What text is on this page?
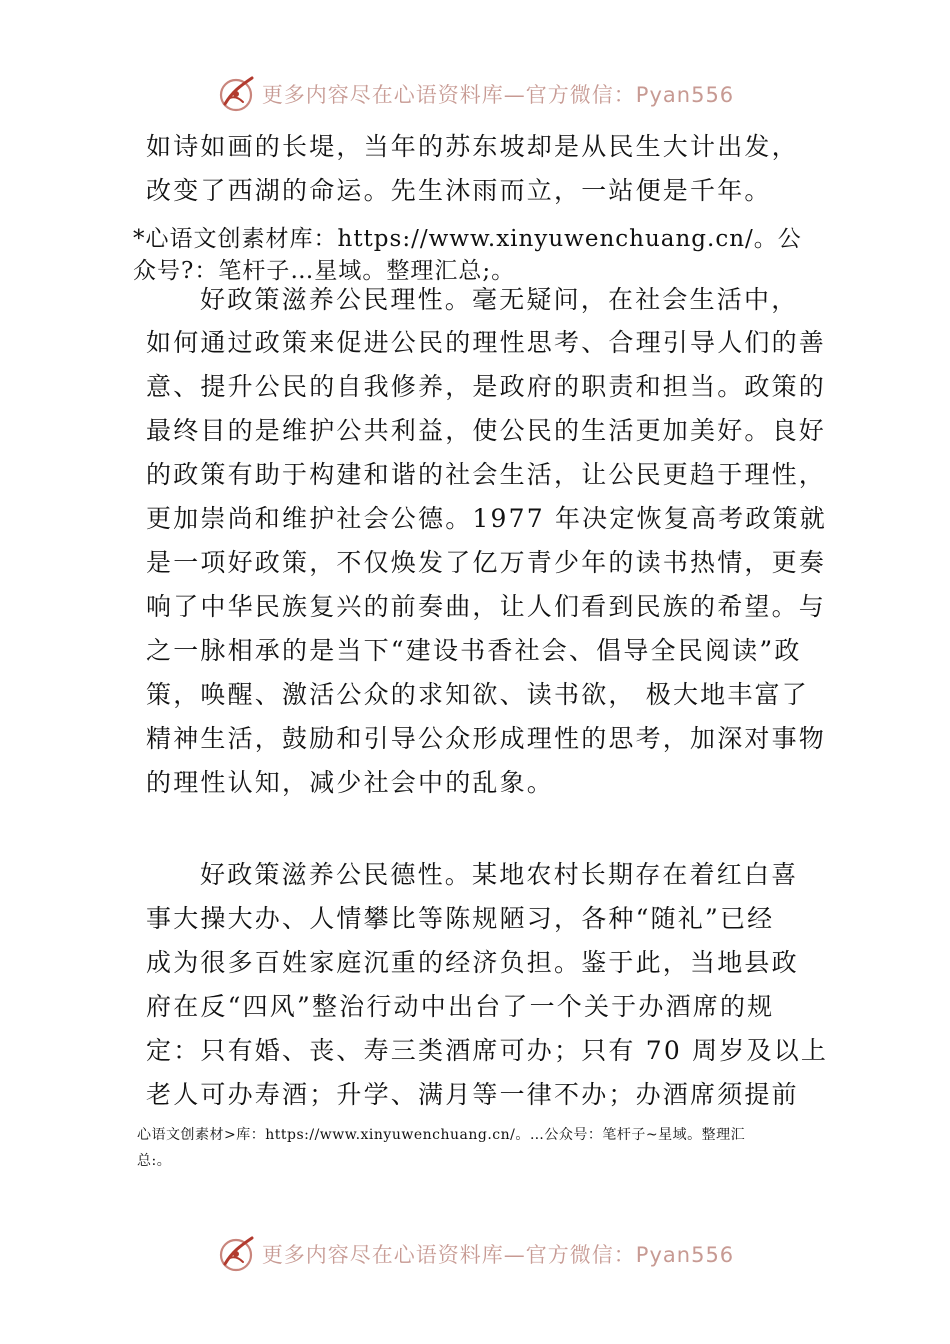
更多内容尽在心语资料库—官方微信：Pyan556
如诗如画的长堤，当年的苏东坡却是从民生大计出发，
改变了西湖的命运。先生沐雨而立，一站便是千年。
*心语文创素材库：https://www.xinyuwenchuang.cn/。公
众号?：笔杆子…星域。整理汇总;。
好政策滋养公民理性。毫无疑问，在社会生活中，
如何通过政策来促进公民的理性思考、合理引导人们的善
意、提升公民的自我修养，是政府的职责和担当。政策的
最终目的是维护公共利益，使公民的生活更加美好。良好
的政策有助于构建和谐的社会生活，让公民更趋于理性，
更加崇尚和维护社会公德。1977 年决定恢复高考政策就
是一项好政策，不仅焕发了亿万青少年的读书热情，更奏
响了中华民族复兴的前奏曲，让人们看到民族的希望。与
之一脉相承的是当下“建设书香社会、倡导全民阅读”政
策，唤醒、激活公众的求知欲、读书欲， 极大地丰富了
精神生活，鼓励和引导公众形成理性的思考，加深对事物
的理性认知，减少社会中的乱象。
好政策滋养公民德性。某地农村长期存在着红白喜
事大操大办、人情攀比等陈规陋习，各种“随礼”已经
成为很多百姓家庭沉重的经济负担。鉴于此，当地县政
府在反“四风”整治行动中出台了一个关于办酒席的规
定：只有婚、丧、寿三类酒席可办；只有 70 周岁及以上
老人可办寿酒；升学、满月等一律不办；办酒席须提前
心语文创素材>库：https://www.xinyuwenchuang.cn/。…公众号：笔杆子~星域。整理汇
总:。
更多内容尽在心语资料库—官方微信：Pyan556
